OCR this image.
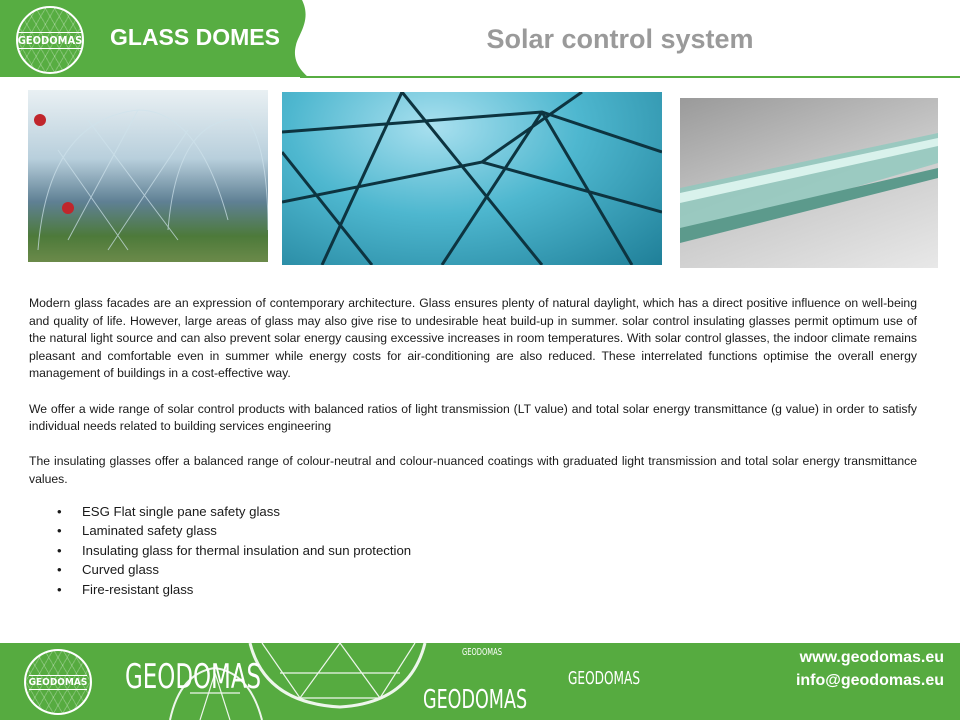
GEODOMAS GLASS DOMES	Solar control system

Modern glass facades are an expression of contemporary architecture. Glass ensures plenty of natural daylight, which has a direct positive influence on well-being and quality of life. However, large areas of glass may also give rise to undesirable heat build-up in summer. solar control insulating glasses permit optimum use of the natural light source and can also prevent solar energy causing excessive increases in room temperatures. With solar control glasses, the indoor climate remains pleasant and comfortable even in summer while energy costs for air-conditioning are also reduced. These interrelated functions optimise the overall energy management of buildings in a cost-effective way.

We offer a wide range of solar control products with balanced ratios of light transmission (LT value) and total solar energy transmittance (g value) in order to satisfy individual needs related to building services engineering

The insulating glasses offer a balanced range of colour-neutral and colour-nuanced coatings with graduated light transmission and total solar energy transmittance values.

•	ESG Flat single pane safety glass
•	Laminated safety glass
•	Insulating glass for thermal insulation and sun protection
•	Curved glass
•	Fire-resistant glass
GEODOMAS GEODOMAS
GEODOMAS
GEODOMAS
GEODOMAS
www.geodomas.eu
info@geodomas.eu
